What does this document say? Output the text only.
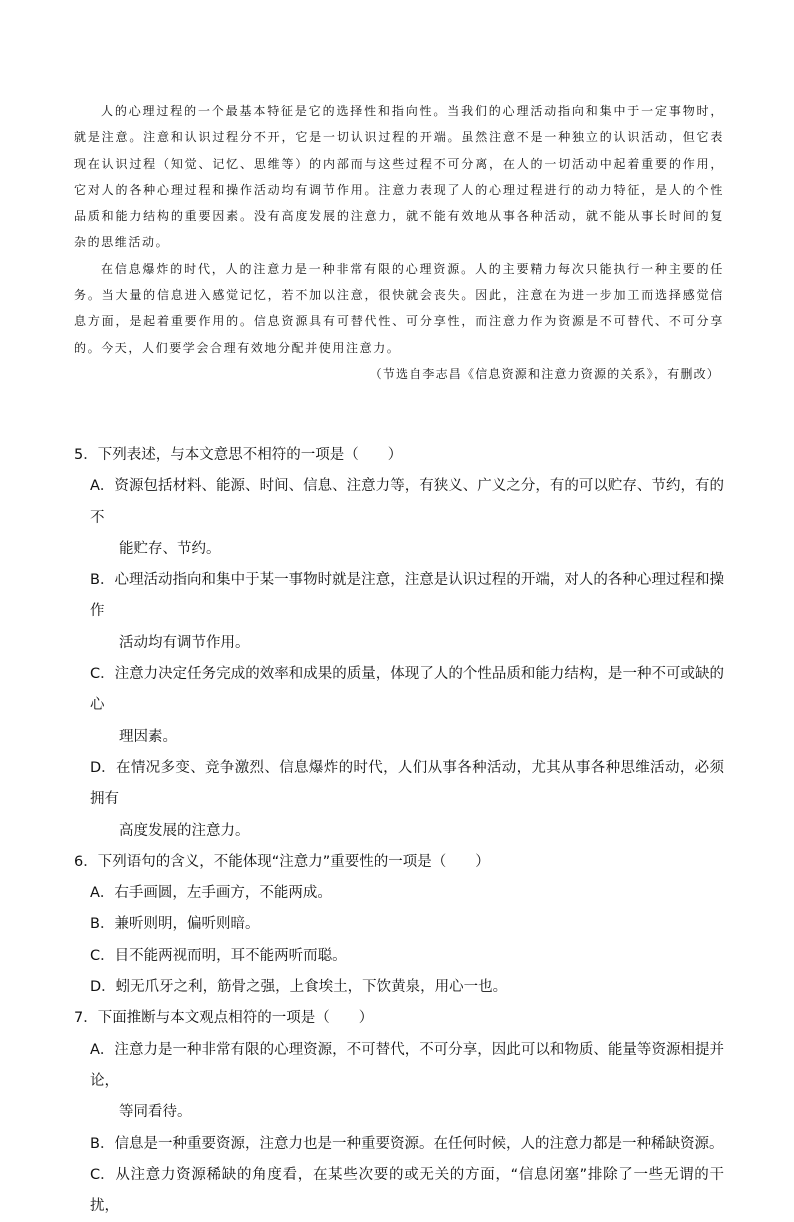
人的心理过程的一个最基本特征是它的选择性和指向性。当我们的心理活动指向和集中于一定事物时，就是注意。注意和认识过程分不开，它是一切认识过程的开端。虽然注意不是一种独立的认识活动，但它表现在认识过程（知觉、记忆、思维等）的内部而与这些过程不可分离，在人的一切活动中起着重要的作用，它对人的各种心理过程和操作活动均有调节作用。注意力表现了人的心理过程进行的动力特征，是人的个性品质和能力结构的重要因素。没有高度发展的注意力，就不能有效地从事各种活动，就不能从事长时间的复杂的思维活动。

在信息爆炸的时代，人的注意力是一种非常有限的心理资源。人的主要精力每次只能执行一种主要的任务。当大量的信息进入感觉记忆，若不加以注意，很快就会丧失。因此，注意在为进一步加工而选择感觉信息方面，是起着重要作用的。信息资源具有可替代性、可分享性，而注意力作为资源是不可替代、不可分享的。今天，人们要学会合理有效地分配并使用注意力。

（节选自李志昌《信息资源和注意力资源的关系》，有删改）
5．下列表述，与本文意思不相符的一项是（　　）
A．资源包括材料、能源、时间、信息、注意力等，有狭义、广义之分，有的可以贮存、节约，有的不
能贮存、节约。
B．心理活动指向和集中于某一事物时就是注意，注意是认识过程的开端，对人的各种心理过程和操作
活动均有调节作用。
C．注意力决定任务完成的效率和成果的质量，体现了人的个性品质和能力结构，是一种不可或缺的心
理因素。
D．在情况多变、竞争激烈、信息爆炸的时代，人们从事各种活动，尤其从事各种思维活动，必须拥有
高度发展的注意力。
6．下列语句的含义，不能体现“注意力”重要性的一项是（　　）
A．右手画圆，左手画方，不能两成。
B．兼听则明，偏听则暗。
C．目不能两视而明，耳不能两听而聪。
D．蚓无爪牙之利，筋骨之强，上食埃土，下饮黄泉，用心一也。
7．下面推断与本文观点相符的一项是（　　）
A．注意力是一种非常有限的心理资源，不可替代，不可分享，因此可以和物质、能量等资源相提并论，
等同看待。
B．信息是一种重要资源，注意力也是一种重要资源。在任何时候，人的注意力都是一种稀缺资源。
C．从注意力资源稀缺的角度看，在某些次要的或无关的方面，“信息闭塞”排除了一些无谓的干扰，
